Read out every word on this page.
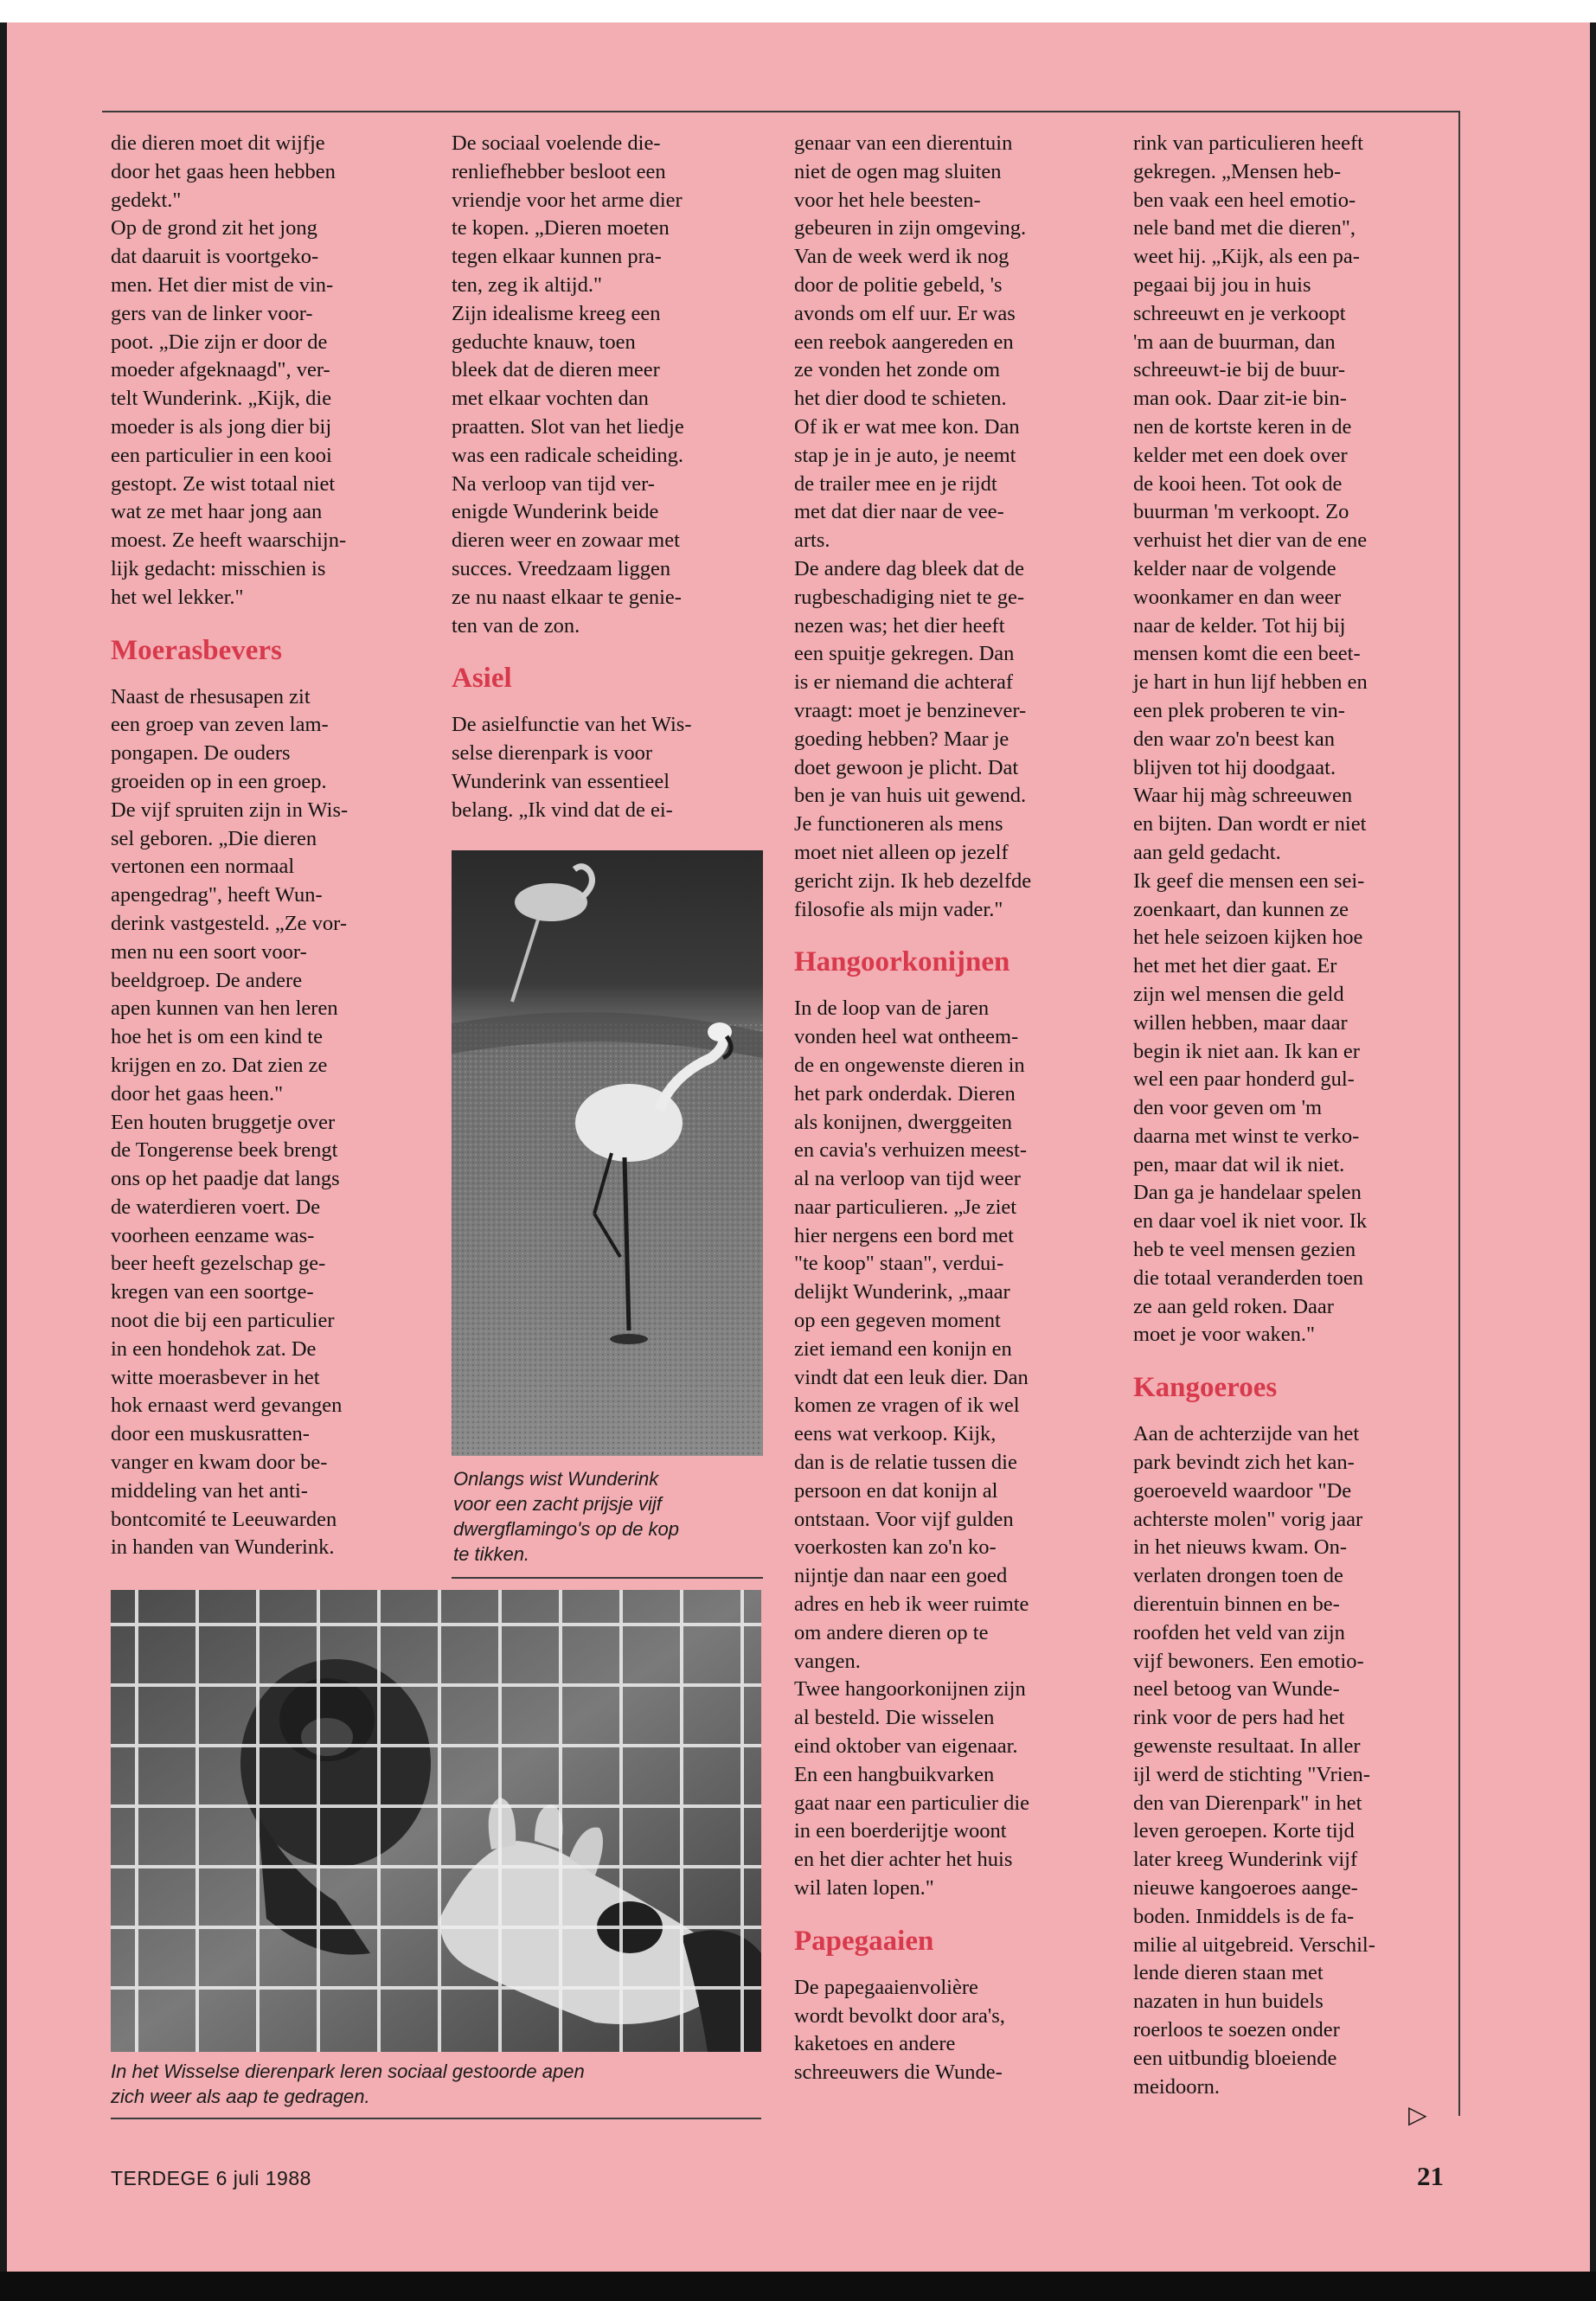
die dieren moet dit wijfje
door het gaas heen hebben
gedekt."
Op de grond zit het jong
dat daaruit is voortgeko-
men. Het dier mist de vin-
gers van de linker voor-
poot. „Die zijn er door de
moeder afgeknaagd", ver-
telt Wunderink. „Kijk, die
moeder is als jong dier bij
een particulier in een kooi
gestopt. Ze wist totaal niet
wat ze met haar jong aan
moest. Ze heeft waarschijn-
lijk gedacht: misschien is
het wel lekker."

Moerasbevers

Naast de rhesusapen zit
een groep van zeven lam-
pongapen. De ouders
groeiden op in een groep.
De vijf spruiten zijn in Wis-
sel geboren. „Die dieren
vertonen een normaal
apengedrag", heeft Wun-
derink vastgesteld. „Ze vor-
men nu een soort voor-
beeldgroep. De andere
apen kunnen van hen leren
hoe het is om een kind te
krijgen en zo. Dat zien ze
door het gaas heen."
Een houten bruggetje over
de Tongerense beek brengt
ons op het paadje dat langs
de waterdieren voert. De
voorheen eenzame was-
beer heeft gezelschap ge-
kregen van een soortge-
noot die bij een particulier
in een hondehok zat. De
witte moerasbever in het
hok ernaast werd gevangen
door een muskusratten-
vanger en kwam door be-
middeling van het anti-
bontcomité te Leeuwarden
in handen van Wunderink.

De sociaal voelende die-
renliefhebber besloot een
vriendje voor het arme dier
te kopen. „Dieren moeten
tegen elkaar kunnen pra-
ten, zeg ik altijd."
Zijn idealisme kreeg een
geduchte knauw, toen
bleek dat de dieren meer
met elkaar vochten dan
praatten. Slot van het liedje
was een radicale scheiding.
Na verloop van tijd ver-
enigde Wunderink beide
dieren weer en zowaar met
succes. Vreedzaam liggen
ze nu naast elkaar te genie-
ten van de zon.

Asiel

De asielfunctie van het Wis-
selse dierenpark is voor
Wunderink van essentieel
belang. „Ik vind dat de ei-

genaar van een dierentuin
niet de ogen mag sluiten
voor het hele beesten-
gebeuren in zijn omgeving.
Van de week werd ik nog
door de politie gebeld, 's
avonds om elf uur. Er was
een reebok aangereden en
ze vonden het zonde om
het dier dood te schieten.
Of ik er wat mee kon. Dan
stap je in je auto, je neemt
de trailer mee en je rijdt
met dat dier naar de vee-
arts.
De andere dag bleek dat de
rugbeschadiging niet te ge-
nezen was; het dier heeft
een spuitje gekregen. Dan
is er niemand die achteraf
vraagt: moet je benzinever-
goeding hebben? Maar je
doet gewoon je plicht. Dat
ben je van huis uit gewend.
Je functioneren als mens
moet niet alleen op jezelf
gericht zijn. Ik heb dezelfde
filosofie als mijn vader."

Hangoorkonijnen

In de loop van de jaren
vonden heel wat ontheem-
de en ongewenste dieren in
het park onderdak. Dieren
als konijnen, dwerggeiten
en cavia's verhuizen meest-
al na verloop van tijd weer
naar particulieren. „Je ziet
hier nergens een bord met
"te koop" staan", verdui-
delijkt Wunderink, „maar
op een gegeven moment
ziet iemand een konijn en
vindt dat een leuk dier. Dan
komen ze vragen of ik wel
eens wat verkoop. Kijk,
dan is de relatie tussen die
persoon en dat konijn al
ontstaan. Voor vijf gulden
voerkosten kan zo'n ko-
nijntje dan naar een goed
adres en heb ik weer ruimte
om andere dieren op te
vangen.
Twee hangoorkonijnen zijn
al besteld. Die wisselen
eind oktober van eigenaar.
En een hangbuikvarken
gaat naar een particulier die
in een boerderijtje woont
en het dier achter het huis
wil laten lopen."

Papegaaien

De papegaaienvolière
wordt bevolkt door ara's,
kaketoes en andere
schreeuwers die Wunde-

rink van particulieren heeft
gekregen. „Mensen heb-
ben vaak een heel emotio-
nele band met die dieren",
weet hij. „Kijk, als een pa-
pegaai bij jou in huis
schreeuwt en je verkoopt
'm aan de buurman, dan
schreeuwt-ie bij de buur-
man ook. Daar zit-ie bin-
nen de kortste keren in de
kelder met een doek over
de kooi heen. Tot ook de
buurman 'm verkoopt. Zo
verhuist het dier van de ene
kelder naar de volgende
woonkamer en dan weer
naar de kelder. Tot hij bij
mensen komt die een beet-
je hart in hun lijf hebben en
een plek proberen te vin-
den waar zo'n beest kan
blijven tot hij doodgaat.
Waar hij màg schreeuwen
en bijten. Dan wordt er niet
aan geld gedacht.
Ik geef die mensen een sei-
zoenkaart, dan kunnen ze
het hele seizoen kijken hoe
het met het dier gaat. Er
zijn wel mensen die geld
willen hebben, maar daar
begin ik niet aan. Ik kan er
wel een paar honderd gul-
den voor geven om 'm
daarna met winst te verko-
pen, maar dat wil ik niet.
Dan ga je handelaar spelen
en daar voel ik niet voor. Ik
heb te veel mensen gezien
die totaal veranderden toen
ze aan geld roken. Daar
moet je voor waken."

Kangoeroes

Aan de achterzijde van het
park bevindt zich het kan-
goeroeveld waardoor "De
achterste molen" vorig jaar
in het nieuws kwam. On-
verlaten drongen toen de
dierentuin binnen en be-
roofden het veld van zijn
vijf bewoners. Een emotio-
neel betoog van Wunde-
rink voor de pers had het
gewenste resultaat. In aller
ijl werd de stichting "Vrien-
den van Dierenpark" in het
leven geroepen. Korte tijd
later kreeg Wunderink vijf
nieuwe kangoeroes aange-
boden. Inmiddels is de fa-
milie al uitgebreid. Verschil-
lende dieren staan met
nazaten in hun buidels
roerloos te soezen onder
een uitbundig bloeiende
meidoorn.

Onlangs wist Wunderink
voor een zacht prijsje vijf
dwergflamingo's op de kop
te tikken.
In het Wisselse dierenpark leren sociaal gestoorde apen
zich weer als aap te gedragen.
▷
TERDEGE 6 juli 1988	21
